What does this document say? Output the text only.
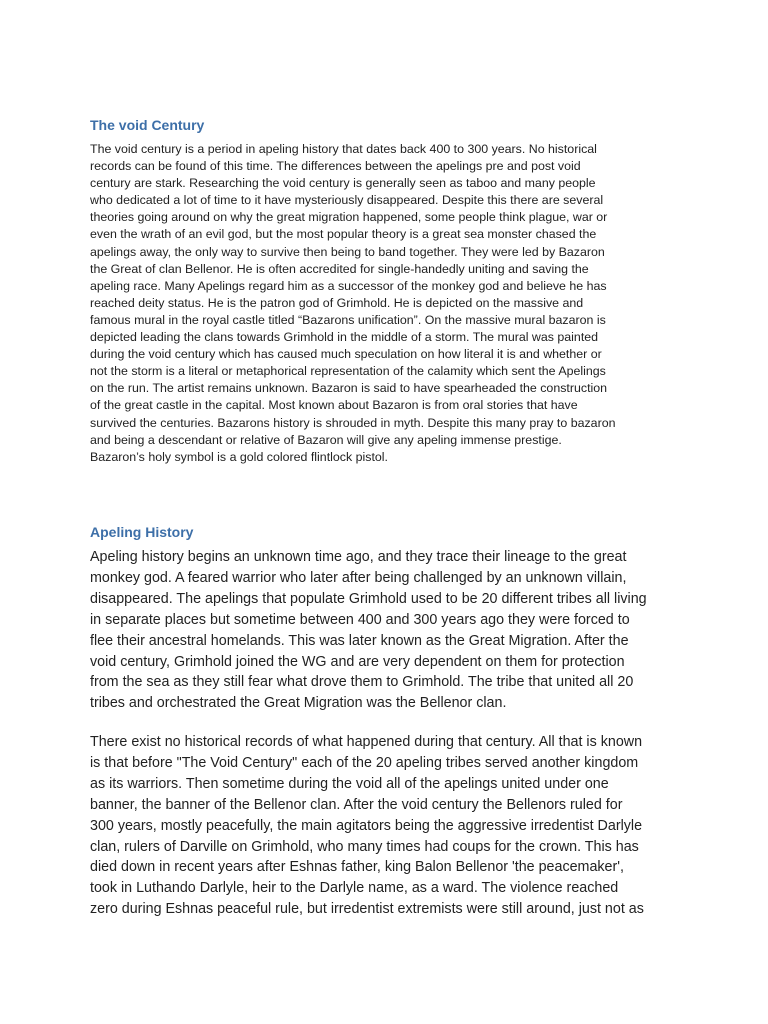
The void Century
The void century is a period in apeling history that dates back 400 to 300 years. No historical
records can be found of this time. The differences between the apelings pre and post void
century are stark. Researching the void century is generally seen as taboo and many people
who dedicated a lot of time to it have mysteriously disappeared. Despite this there are several
theories going around on why the great migration happened, some people think plague, war or
even the wrath of an evil god, but the most popular theory is a great sea monster chased the
apelings away, the only way to survive then being to band together. They were led by Bazaron
the Great of clan Bellenor. He is often accredited for single-handedly uniting and saving the
apeling race. Many Apelings regard him as a successor of the monkey god and believe he has
reached deity status. He is the patron god of Grimhold. He is depicted on the massive and
famous mural in the royal castle titled “Bazarons unification”. On the massive mural bazaron is
depicted leading the clans towards Grimhold in the middle of a storm. The mural was painted
during the void century which has caused much speculation on how literal it is and whether or
not the storm is a literal or metaphorical representation of the calamity which sent the Apelings
on the run. The artist remains unknown. Bazaron is said to have spearheaded the construction
of the great castle in the capital. Most known about Bazaron is from oral stories that have
survived the centuries. Bazarons history is shrouded in myth. Despite this many pray to bazaron
and being a descendant or relative of Bazaron will give any apeling immense prestige.
Bazaron’s holy symbol is a gold colored flintlock pistol.
Apeling History
Apeling history begins an unknown time ago, and they trace their lineage to the great
monkey god. A feared warrior who later after being challenged by an unknown villain,
disappeared. The apelings that populate Grimhold used to be 20 different tribes all living
in separate places but sometime between 400 and 300 years ago they were forced to
flee their ancestral homelands. This was later known as the Great Migration. After the
void century, Grimhold joined the WG and are very dependent on them for protection
from the sea as they still fear what drove them to Grimhold. The tribe that united all 20
tribes and orchestrated the Great Migration was the Bellenor clan.
There exist no historical records of what happened during that century. All that is known
is that before "The Void Century" each of the 20 apeling tribes served another kingdom
as its warriors. Then sometime during the void all of the apelings united under one
banner, the banner of the Bellenor clan. After the void century the Bellenors ruled for
300 years, mostly peacefully, the main agitators being the aggressive irredentist Darlyle
clan, rulers of Darville on Grimhold, who many times had coups for the crown. This has
died down in recent years after Eshnas father, king Balon Bellenor 'the peacemaker',
took in Luthando Darlyle, heir to the Darlyle name, as a ward. The violence reached
zero during Eshnas peaceful rule, but irredentist extremists were still around, just not as
